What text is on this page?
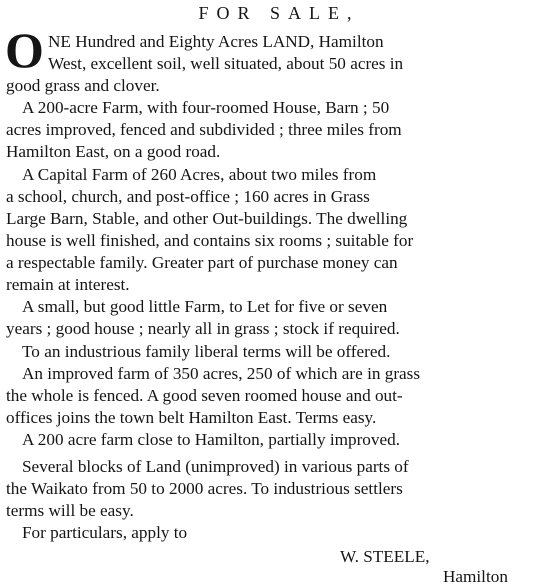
FOR SALE,
O NE Hundred and Eighty Acres LAND, Hamilton
West, excellent soil, well situated, about 50 acres in
good grass and clover.
A 200-acre Farm, with four-roomed House, Barn ; 50
acres improved, fenced and subdivided ; three miles from
Hamilton East, on a good road.
A Capital Farm of 260 Acres, about two miles from
a school, church, and post-office ; 160 acres in Grass
Large Barn, Stable, and other Out-buildings. The dwelling
house is well finished, and contains six rooms ; suitable for
a respectable family. Greater part of purchase money can
remain at interest.
A small, but good little Farm, to Let for five or seven
years ; good house ; nearly all in grass ; stock if required.
To an industrious family liberal terms will be offered.
An improved farm of 350 acres, 250 of which are in grass
the whole is fenced. A good seven roomed house and out-
offices joins the town belt Hamilton East. Terms easy.
A 200 acre farm close to Hamilton, partially improved.
Several blocks of Land (unimproved) in various parts of
the Waikato from 50 to 2000 acres. To industrious settlers
terms will be easy.
For particulars, apply to
W. STEELE,
Hamilton
